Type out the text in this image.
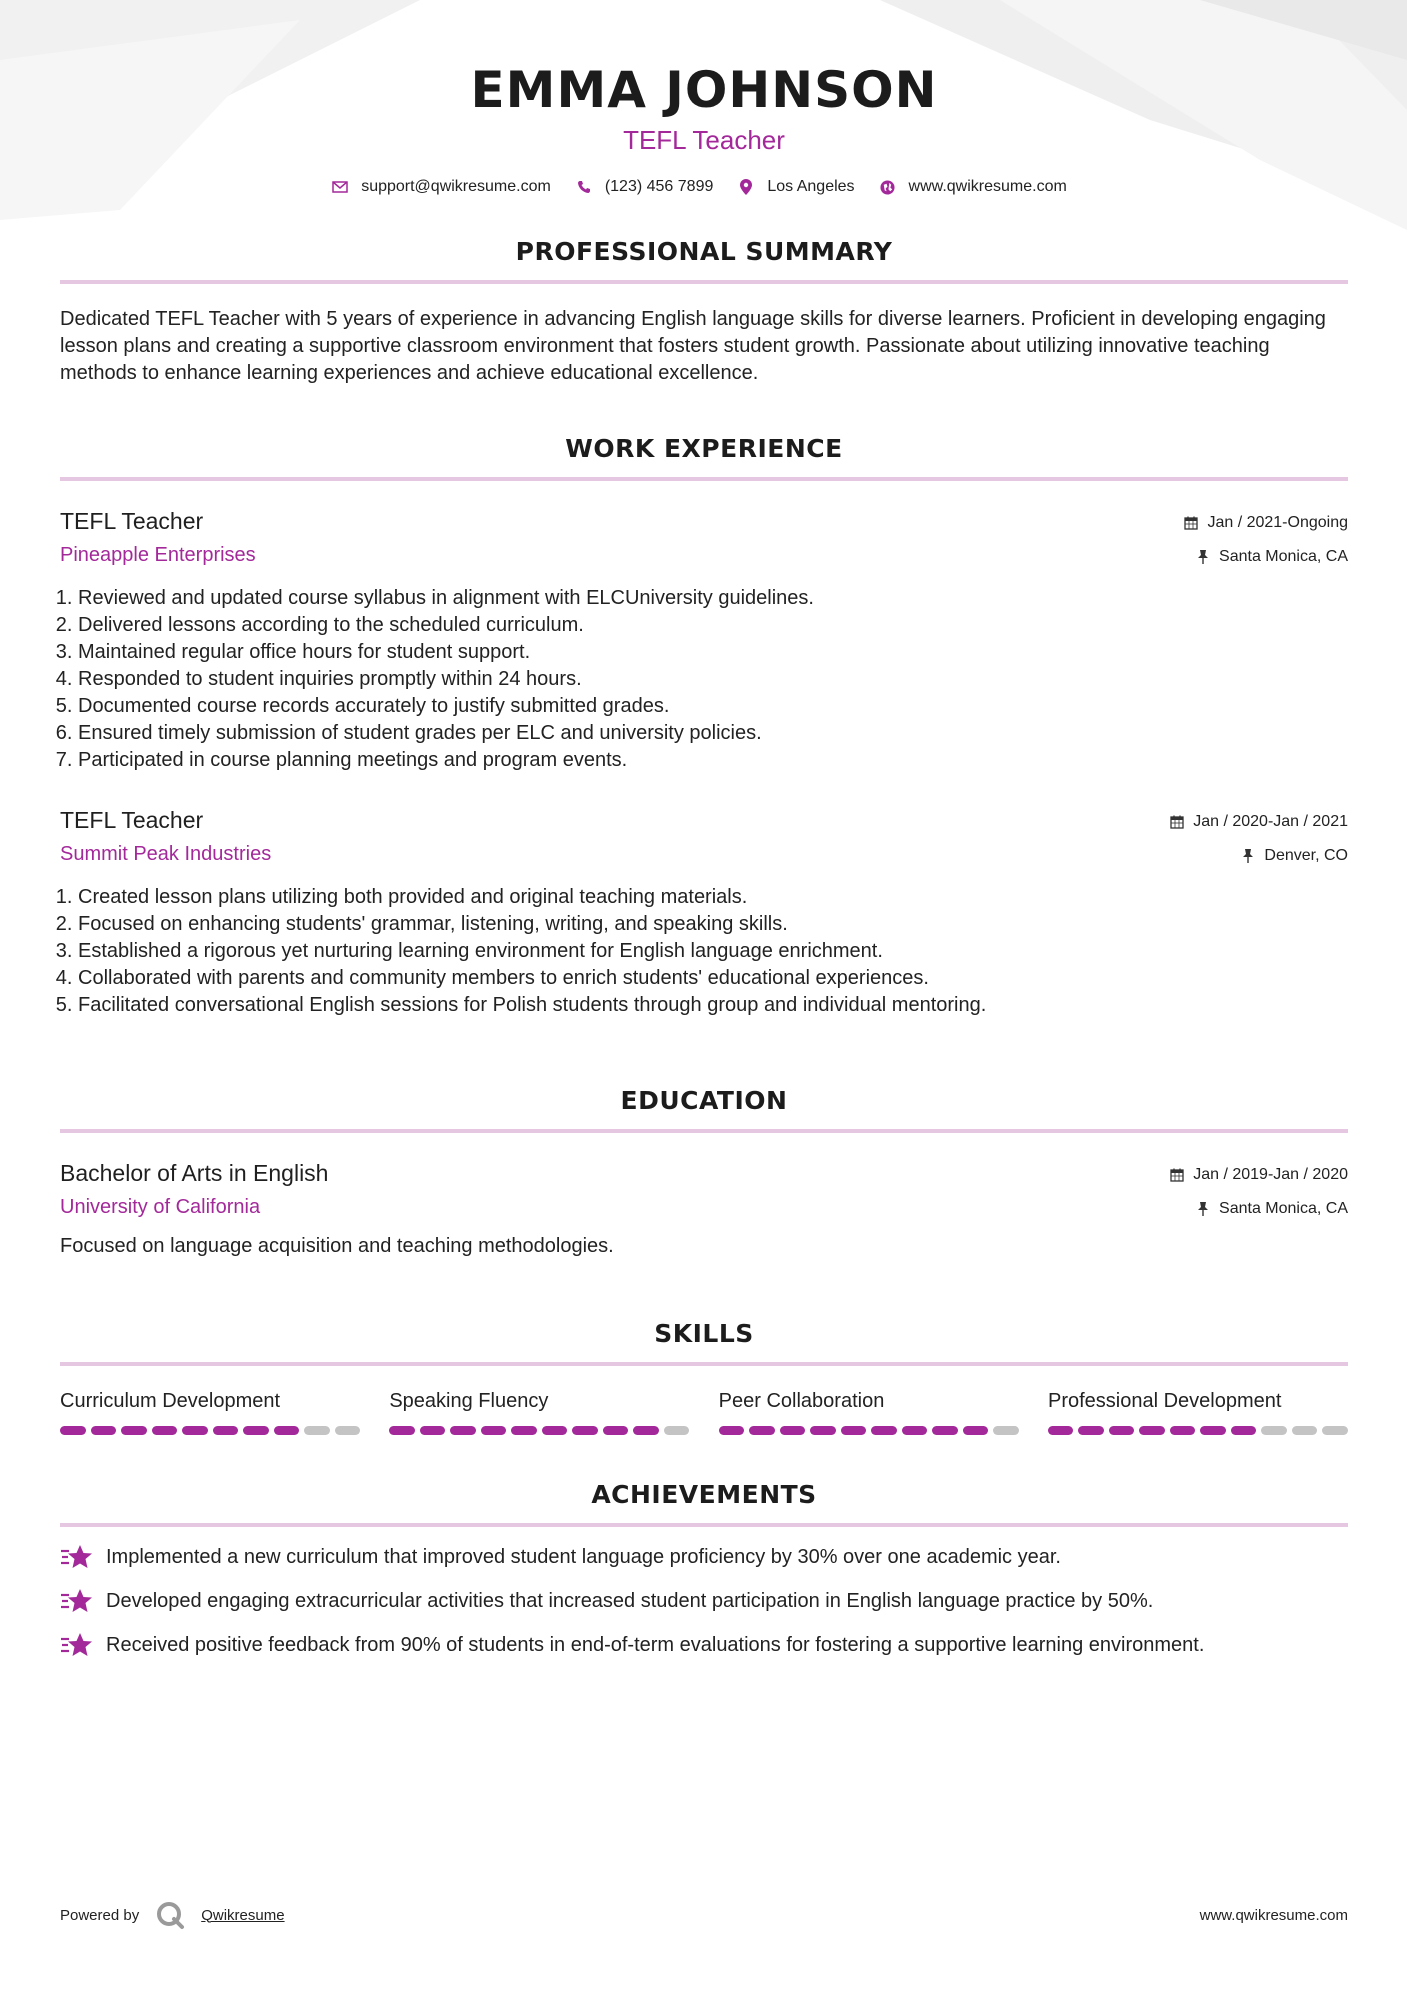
EMMA JOHNSON
TEFL Teacher
support@qwikresume.com	(123) 456 7899	Los Angeles	www.qwikresume.com
PROFESSIONAL SUMMARY
Dedicated TEFL Teacher with 5 years of experience in advancing English language skills for diverse learners. Proficient in developing engaging lesson plans and creating a supportive classroom environment that fosters student growth. Passionate about utilizing innovative teaching methods to enhance learning experiences and achieve educational excellence.
WORK EXPERIENCE
TEFL Teacher
Pineapple Enterprises
Jan / 2021-Ongoing
Santa Monica, CA
1. Reviewed and updated course syllabus in alignment with ELCUniversity guidelines.
2. Delivered lessons according to the scheduled curriculum.
3. Maintained regular office hours for student support.
4. Responded to student inquiries promptly within 24 hours.
5. Documented course records accurately to justify submitted grades.
6. Ensured timely submission of student grades per ELC and university policies.
7. Participated in course planning meetings and program events.
TEFL Teacher
Summit Peak Industries
Jan / 2020-Jan / 2021
Denver, CO
1. Created lesson plans utilizing both provided and original teaching materials.
2. Focused on enhancing students' grammar, listening, writing, and speaking skills.
3. Established a rigorous yet nurturing learning environment for English language enrichment.
4. Collaborated with parents and community members to enrich students' educational experiences.
5. Facilitated conversational English sessions for Polish students through group and individual mentoring.
EDUCATION
Bachelor of Arts in English
University of California
Jan / 2019-Jan / 2020
Santa Monica, CA
Focused on language acquisition and teaching methodologies.
SKILLS
Curriculum Development	Speaking Fluency	Peer Collaboration	Professional Development
ACHIEVEMENTS
Implemented a new curriculum that improved student language proficiency by 30% over one academic year.
Developed engaging extracurricular activities that increased student participation in English language practice by 50%.
Received positive feedback from 90% of students in end-of-term evaluations for fostering a supportive learning environment.
Powered by	Qwikresume	www.qwikresume.com
